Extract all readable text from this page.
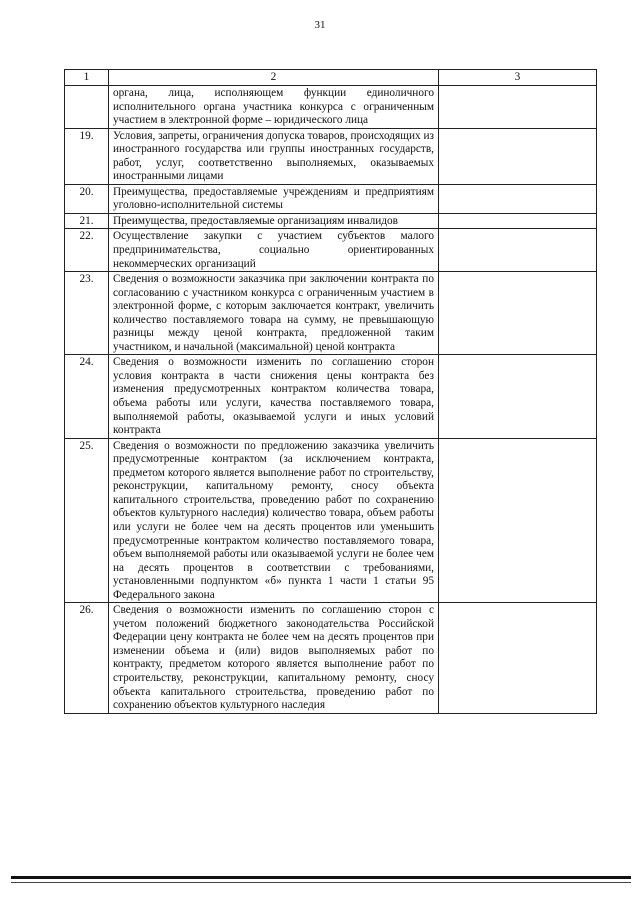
31
1	2	3
	органа, лица, исполняющем функции единоличного исполнительного органа участника конкурса с ограниченным участием в электронной форме – юридического лица	
19.	Условия, запреты, ограничения допуска товаров, происходящих из иностранного государства или группы иностранных государств, работ, услуг, соответственно выполняемых, оказываемых иностранными лицами	
20.	Преимущества, предоставляемые учреждениям и предприятиям уголовно-исполнительной системы	
21.	Преимущества, предоставляемые организациям инвалидов	
22.	Осуществление закупки с участием субъектов малого предпринимательства, социально ориентированных некоммерческих организаций	
23.	Сведения о возможности заказчика при заключении контракта по согласованию с участником конкурса с ограниченным участием в электронной форме, с которым заключается контракт, увеличить количество поставляемого товара на сумму, не превышающую разницы между ценой контракта, предложенной таким участником, и начальной (максимальной) ценой контракта	
24.	Сведения о возможности изменить по соглашению сторон условия контракта в части снижения цены контракта без изменения предусмотренных контрактом количества товара, объема работы или услуги, качества поставляемого товара, выполняемой работы, оказываемой услуги и иных условий контракта	
25.	Сведения о возможности по предложению заказчика увеличить предусмотренные контрактом (за исключением контракта, предметом которого является выполнение работ по строительству, реконструкции, капитальному ремонту, сносу объекта капитального строительства, проведению работ по сохранению объектов культурного наследия) количество товара, объем работы или услуги не более чем на десять процентов или уменьшить предусмотренные контрактом количество поставляемого товара, объем выполняемой работы или оказываемой услуги не более чем на десять процентов в соответствии с требованиями, установленными подпунктом «б» пункта 1 части 1 статьи 95 Федерального закона	
26.	Сведения о возможности изменить по соглашению сторон с учетом положений бюджетного законодательства Российской Федерации цену контракта не более чем на десять процентов при изменении объема и (или) видов выполняемых работ по контракту, предметом которого является выполнение работ по строительству, реконструкции, капитальному ремонту, сносу объекта капитального строительства, проведению работ по сохранению объектов культурного наследия	
